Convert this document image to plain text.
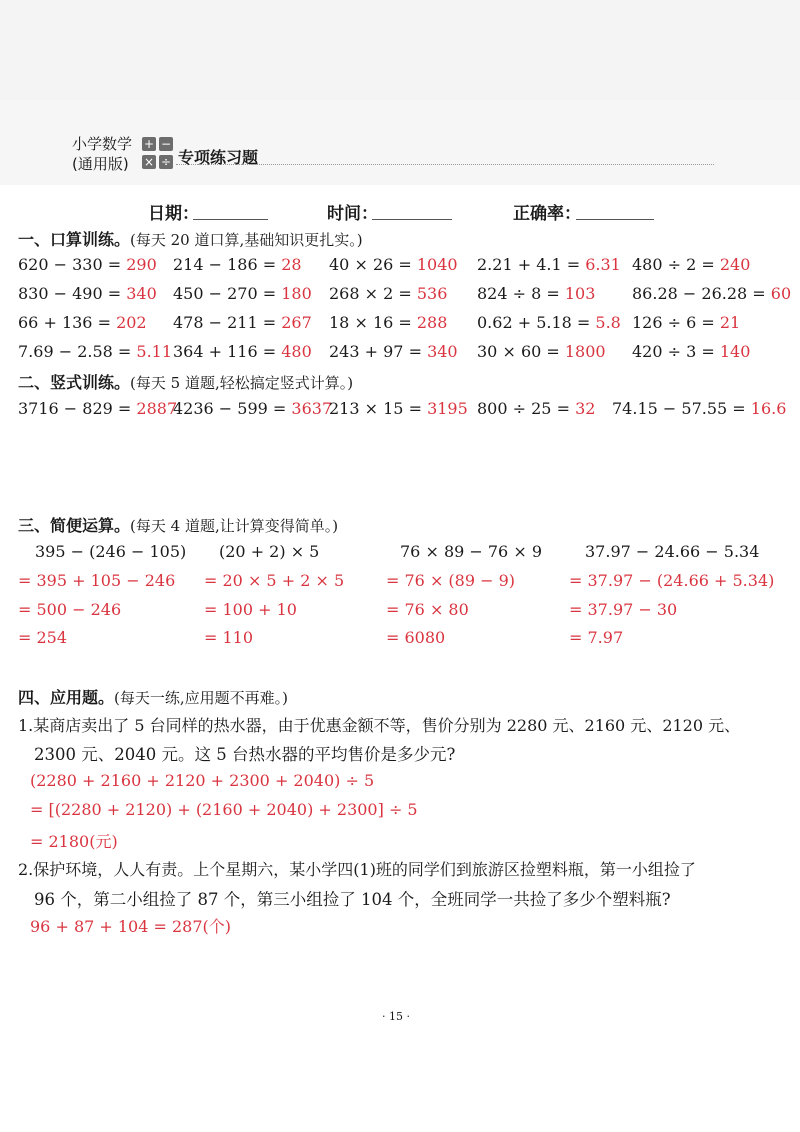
小学数学
(通用版)
+ −
× ÷ 专项练习题
日期：	时间：	正确率：
一、口算训练。(每天 20 道口算,基础知识更扎实。)
620 − 330 = 290 214 − 186 = 28 40 × 26 = 1040 2.21 + 4.1 = 6.31 480 ÷ 2 = 240
830 − 490 = 340 450 − 270 = 180 268 × 2 = 536 824 ÷ 8 = 103 86.28 − 26.28 = 60
66 + 136 = 202 478 − 211 = 267 18 × 16 = 288 0.62 + 5.18 = 5.8 126 ÷ 6 = 21
7.69 − 2.58 = 5.11 364 + 116 = 480 243 + 97 = 340 30 × 60 = 1800 420 ÷ 3 = 140
二、竖式训练。(每天 5 道题,轻松搞定竖式计算。)
3716 − 829 = 2887
4236 − 599 = 3637
213 × 15 = 3195 800 ÷ 25 = 32 74.15 − 57.55 = 16.6
三、简便运算。(每天 4 道题,让计算变得简单。)
395 − (246 − 105)
= 395 + 105 − 246
= 500 − 246
= 254
(20 + 2) × 5
= 20 × 5 + 2 × 5
= 100 + 10
= 110
76 × 89 − 76 × 9
= 76 × (89 − 9)
= 76 × 80
= 6080
37.97 − 24.66 − 5.34
= 37.97 − (24.66 + 5.34)
= 37.97 − 30
= 7.97
四、应用题。(每天一练,应用题不再难。)
1.某商店卖出了 5 台同样的热水器，由于优惠金额不等，售价分别为 2280 元、2160 元、2120 元、
2300 元、2040 元。这 5 台热水器的平均售价是多少元?
(2280 + 2160 + 2120 + 2300 + 2040) ÷ 5
= [(2280 + 2120) + (2160 + 2040) + 2300] ÷ 5
= 2180(元)
2.保护环境，人人有责。上个星期六，某小学四(1)班的同学们到旅游区捡塑料瓶，第一小组捡了
96 个，第二小组捡了 87 个，第三小组捡了 104 个，全班同学一共捡了多少个塑料瓶?
96 + 87 + 104 = 287(个)
· 15 ·
